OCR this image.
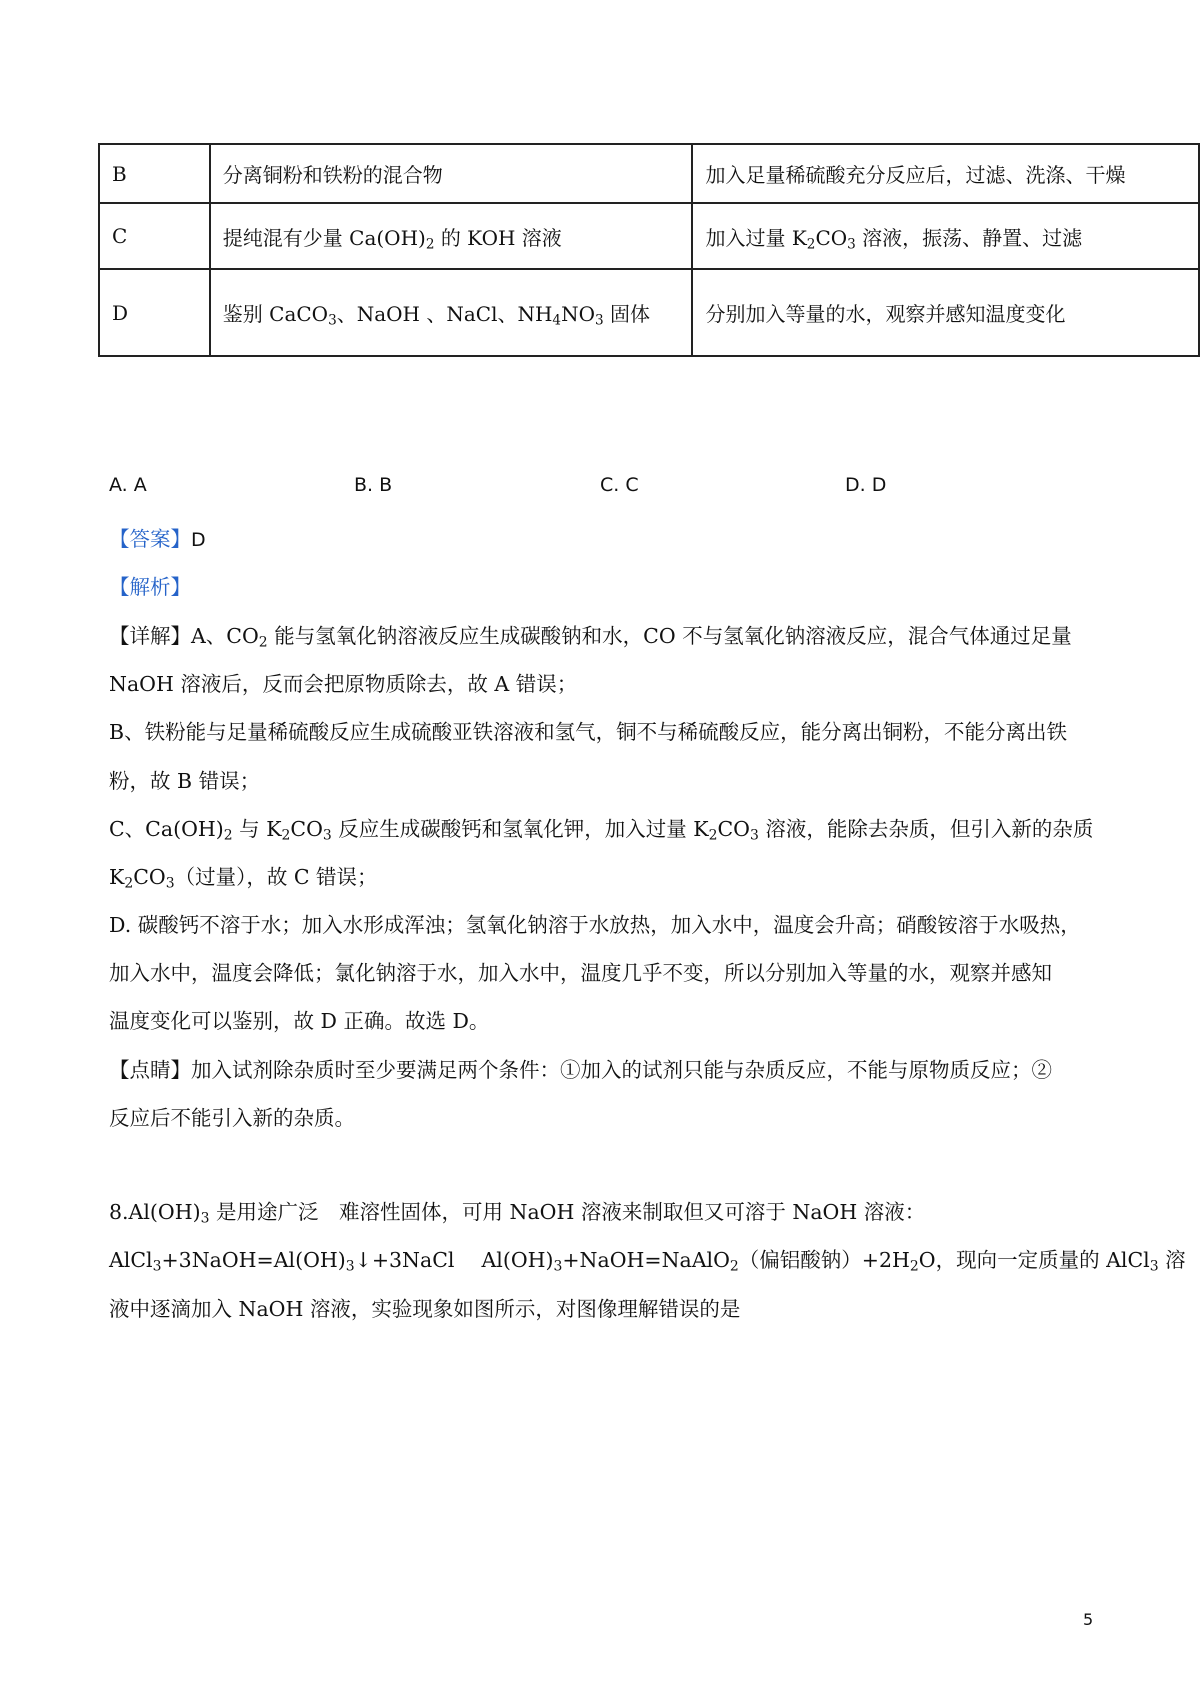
B	分离铜粉和铁粉的混合物	加入足量稀硫酸充分反应后，过滤、洗涤、干燥
C	提纯混有少量 $Ca(OH)_2$ 的 KOH 溶液	加入过量 $K_2CO_3$ 溶液，振荡、静置、过滤
D	鉴别 CaCO$_3$、NaOH 、NaCl、$NH_4NO_3$ 固体	分别加入等量的水，观察并感知温度变化
A. A	B. B	C. C	D. D
【答案】D
【解析】
【详解】A、$CO_2$ 能与氢氧化钠溶液反应生成碳酸钠和水，CO 不与氢氧化钠溶液反应，混合气体通过足量
NaOH 溶液后，反而会把原物质除去，故 A 错误；
B、铁粉能与足量稀硫酸反应生成硫酸亚铁溶液和氢气，铜不与稀硫酸反应，能分离出铜粉，不能分离出铁
粉，故 B 错误；
C、$Ca(OH)_2$ 与 $K_2CO_3$ 反应生成碳酸钙和氢氧化钾，加入过量 $K_2CO_3$ 溶液，能除去杂质，但引入新的杂质
$K_2CO_3$（过量），故 C 错误；
D. 碳酸钙不溶于水；加入水形成浑浊；氢氧化钠溶于水放热，加入水中，温度会升高；硝酸铵溶于水吸热，
加入水中，温度会降低；氯化钠溶于水，加入水中，温度几乎不变，所以分别加入等量的水，观察并感知
温度变化可以鉴别，故 D 正确。故选 D。
【点睛】加入试剂除杂质时至少要满足两个条件：①加入的试剂只能与杂质反应，不能与原物质反应；②
反应后不能引入新的杂质。
$8.Al(OH)_3$ 是用途广泛　难溶性固体，可用 NaOH 溶液来制取但又可溶于 NaOH 溶液：
$AlCl_3+3NaOH=Al(OH)_3↓+3NaCl$　 $Al(OH)_3+NaOH=NaAlO_2$（偏铝酸钠）$+2H_2O$，现向一定质量的 AlCl$_3$ 溶
液中逐滴加入 NaOH 溶液，实验现象如图所示，对图像理解错误的是
5
